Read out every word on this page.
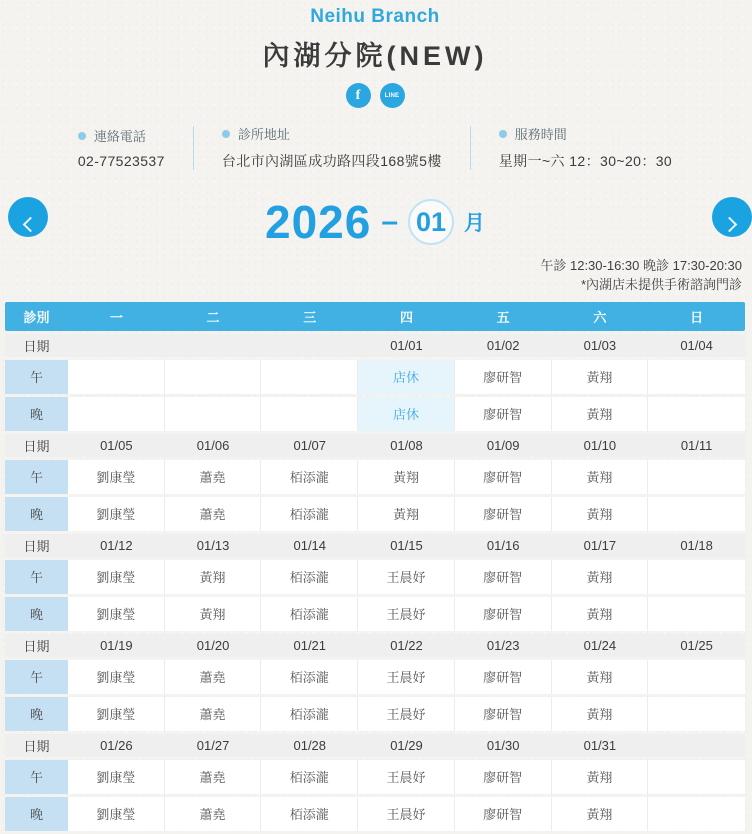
Neihu Branch
內湖分院(NEW)
f	LINE
連絡電話
02-77523537
診所地址
台北市內湖區成功路四段168號5樓
服務時間
星期一~六 12：30~20：30
2026 – 01 月
午診 12:30-16:30 晚診 17:30-20:30
*內湖店未提供手術諮詢門診
診別	一	二	三	四	五	六	日
日期				01/01	01/02	01/03	01/04
午				店休	廖研智	黃翔	
晚				店休	廖研智	黃翔	
日期	01/05	01/06	01/07	01/08	01/09	01/10	01/11
午	劉康瑩	蕭堯	栢添瀧	黃翔	廖研智	黃翔	
晚	劉康瑩	蕭堯	栢添瀧	黃翔	廖研智	黃翔	
日期	01/12	01/13	01/14	01/15	01/16	01/17	01/18
午	劉康瑩	黃翔	栢添瀧	王晨妤	廖研智	黃翔	
晚	劉康瑩	黃翔	栢添瀧	王晨妤	廖研智	黃翔	
日期	01/19	01/20	01/21	01/22	01/23	01/24	01/25
午	劉康瑩	蕭堯	栢添瀧	王晨妤	廖研智	黃翔	
晚	劉康瑩	蕭堯	栢添瀧	王晨妤	廖研智	黃翔	
日期	01/26	01/27	01/28	01/29	01/30	01/31	
午	劉康瑩	蕭堯	栢添瀧	王晨妤	廖研智	黃翔	
晚	劉康瑩	蕭堯	栢添瀧	王晨妤	廖研智	黃翔	
